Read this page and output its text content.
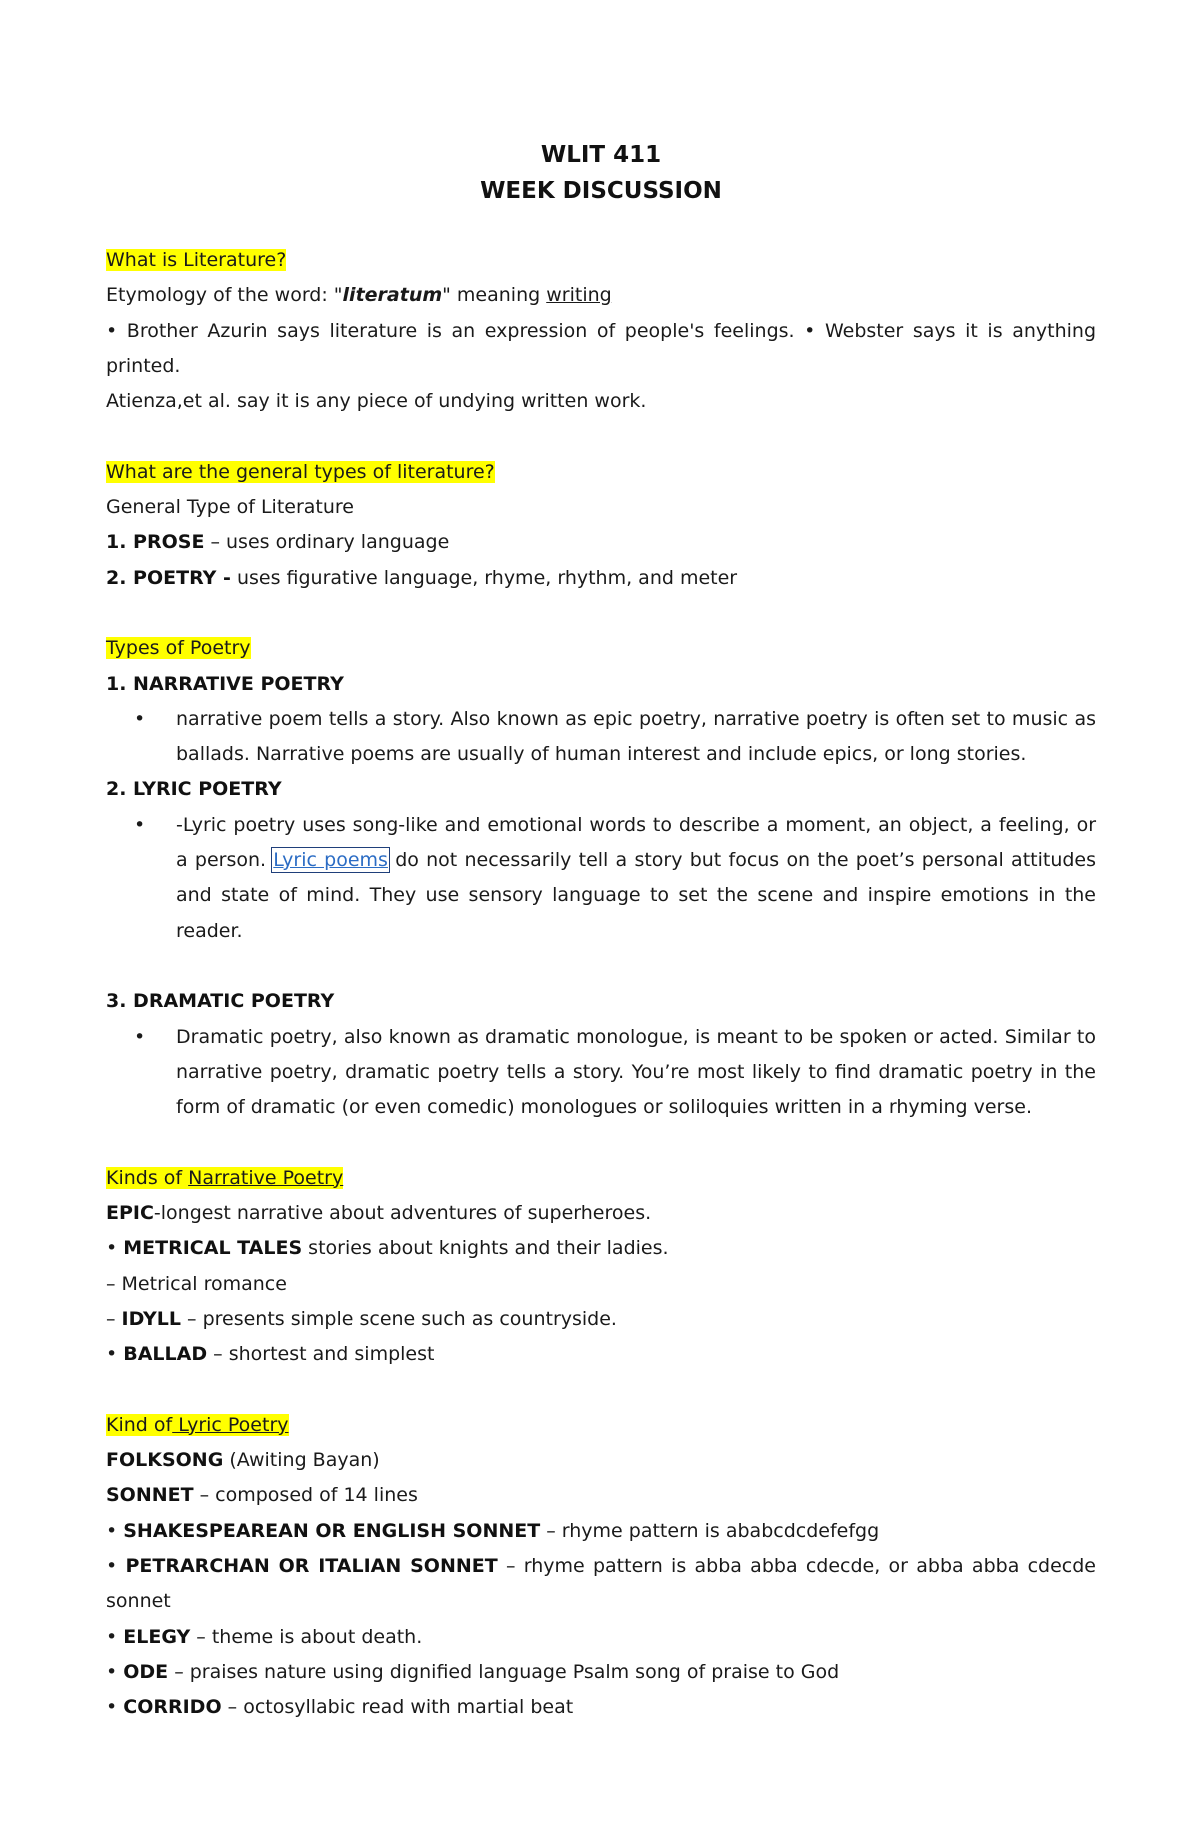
WLIT 411
WEEK DISCUSSION

What is Literature?

Etymology of the word: "literatum" meaning writing

• Brother Azurin says literature is an expression of people's feelings. • Webster says it is anything printed.

Atienza,et al. say it is any piece of undying written work.

What are the general types of literature?

General Type of Literature

1. PROSE – uses ordinary language

2. POETRY - uses figurative language, rhyme, rhythm, and meter

Types of Poetry

1. NARRATIVE POETRY

• narrative poem tells a story. Also known as epic poetry, narrative poetry is often set to music as ballads. Narrative poems are usually of human interest and include epics, or long stories.

2. LYRIC POETRY

• -Lyric poetry uses song-like and emotional words to describe a moment, an object, a feeling, or a person. Lyric poems do not necessarily tell a story but focus on the poet’s personal attitudes and state of mind. They use sensory language to set the scene and inspire emotions in the reader.

3. DRAMATIC POETRY

• Dramatic poetry, also known as dramatic monologue, is meant to be spoken or acted. Similar to narrative poetry, dramatic poetry tells a story. You’re most likely to find dramatic poetry in the form of dramatic (or even comedic) monologues or soliloquies written in a rhyming verse.

Kinds of Narrative Poetry

EPIC-longest narrative about adventures of superheroes.

• METRICAL TALES stories about knights and their ladies.

– Metrical romance

– IDYLL – presents simple scene such as countryside.

• BALLAD – shortest and simplest

Kind of Lyric Poetry

FOLKSONG (Awiting Bayan)

SONNET – composed of 14 lines

• SHAKESPEAREAN OR ENGLISH SONNET – rhyme pattern is ababcdcdefefgg

• PETRARCHAN OR ITALIAN SONNET – rhyme pattern is abba abba cdecde, or abba abba cdecde sonnet

• ELEGY – theme is about death.

• ODE – praises nature using dignified language Psalm song of praise to God

• CORRIDO – octosyllabic read with martial beat
